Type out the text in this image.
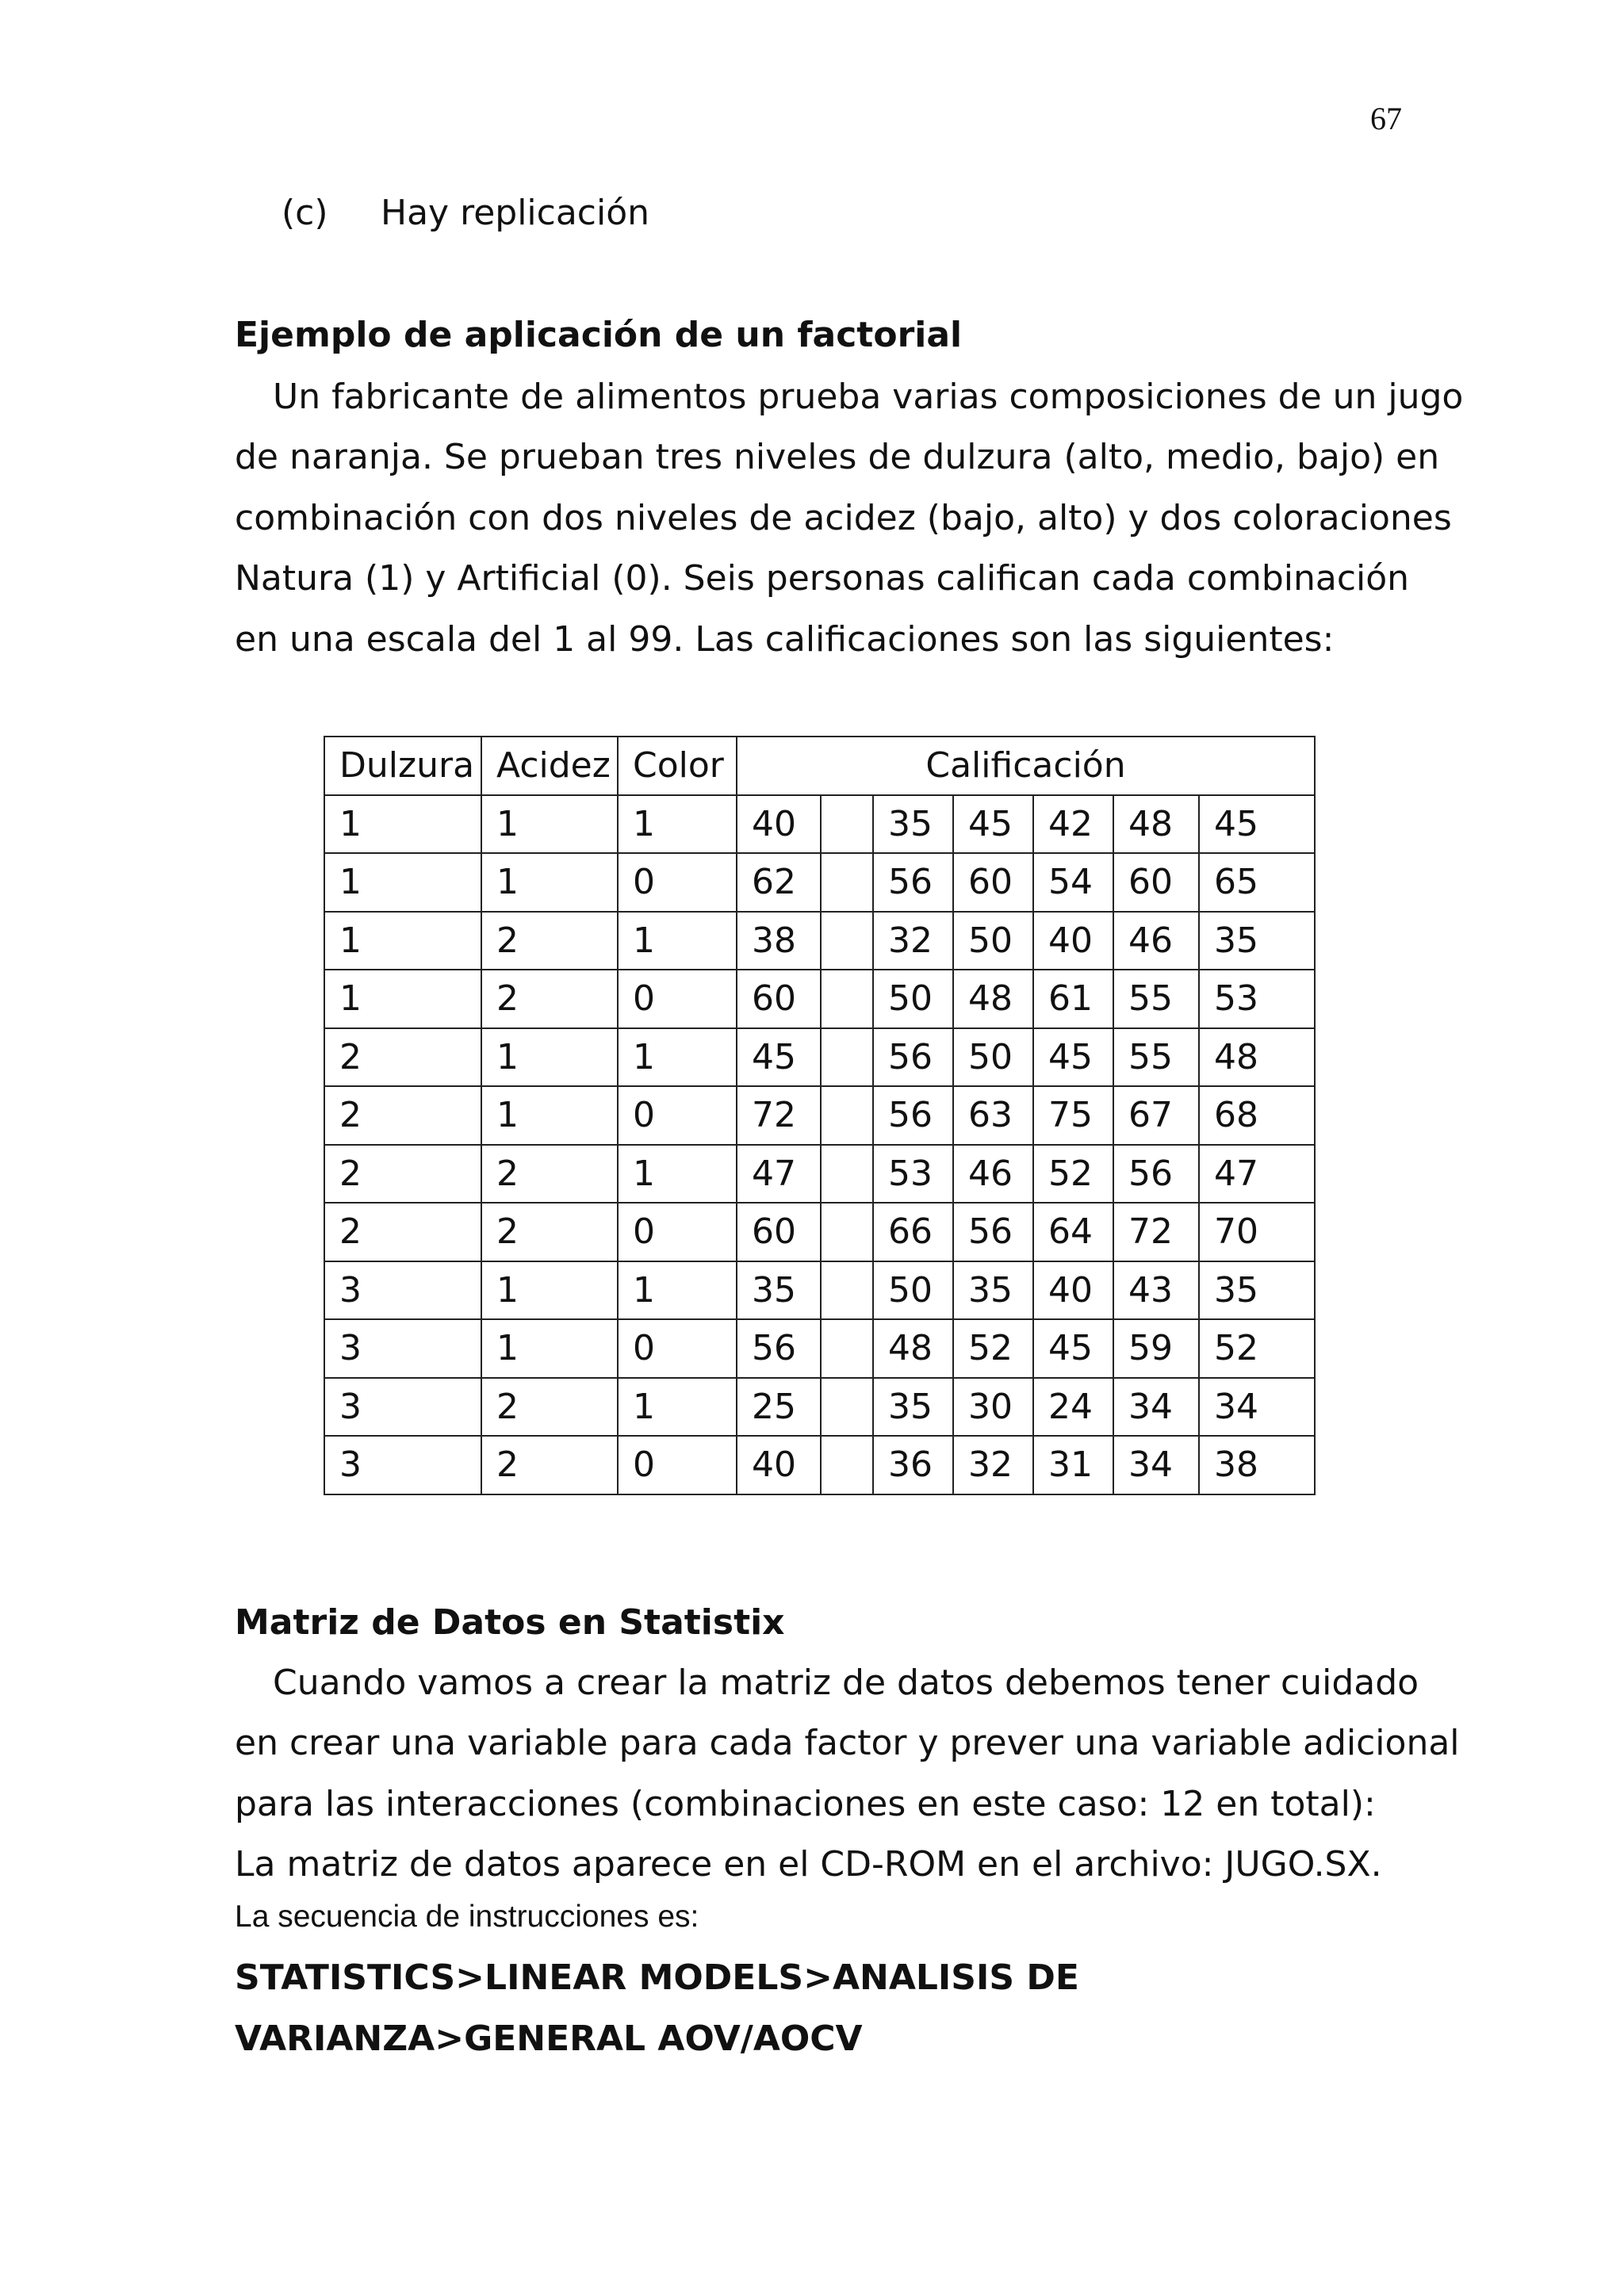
67
(c) Hay replicación
Ejemplo de aplicación de un factorial
Un fabricante de alimentos prueba varias composiciones de un jugo
de naranja. Se prueban tres niveles de dulzura (alto, medio, bajo) en
combinación con dos niveles de acidez (bajo, alto) y dos coloraciones
Natura (1) y Artificial (0). Seis personas califican cada combinación
en una escala del 1 al 99. Las calificaciones son las siguientes:
Dulzura	Acidez	Color	Calificación						
1	1	1	40		35	45	42	48	45
1	1	0	62		56	60	54	60	65
1	2	1	38		32	50	40	46	35
1	2	0	60		50	48	61	55	53
2	1	1	45		56	50	45	55	48
2	1	0	72		56	63	75	67	68
2	2	1	47		53	46	52	56	47
2	2	0	60		66	56	64	72	70
3	1	1	35		50	35	40	43	35
3	1	0	56		48	52	45	59	52
3	2	1	25		35	30	24	34	34
3	2	0	40		36	32	31	34	38
Matriz de Datos en Statistix
Cuando vamos a crear la matriz de datos debemos tener cuidado
en crear una variable para cada factor y prever una variable adicional
para las interacciones (combinaciones en este caso: 12 en total):
La matriz de datos aparece en el CD-ROM en el archivo: JUGO.SX.
La secuencia de instrucciones es:
STATISTICS>LINEAR MODELS>ANALISIS DE
VARIANZA>GENERAL AOV/AOCV
